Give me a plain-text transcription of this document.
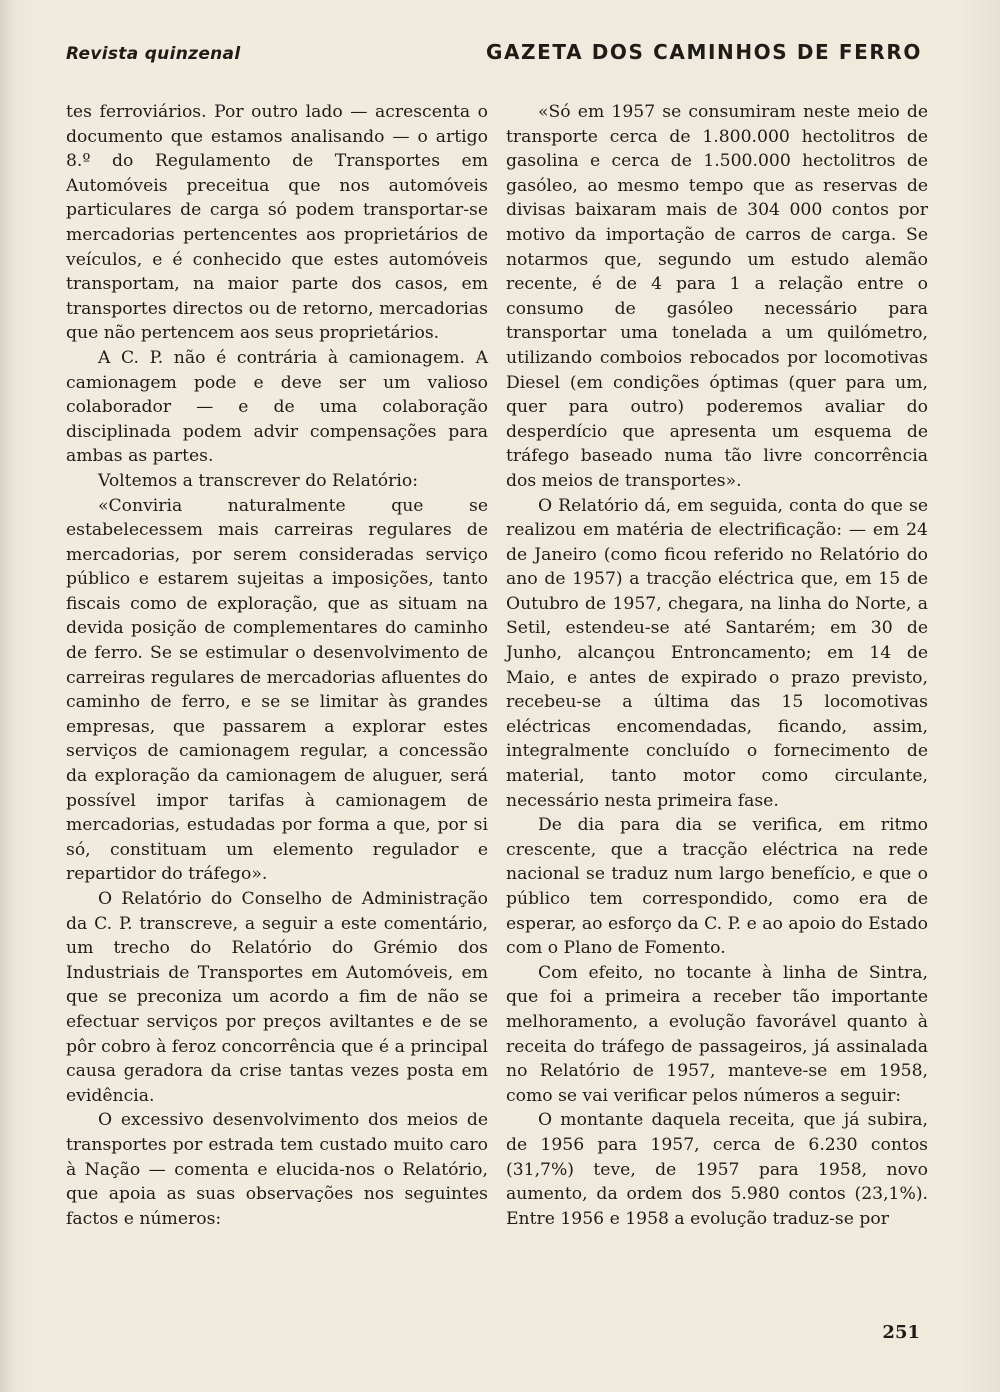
Revista quinzenal	GAZETA DOS CAMINHOS DE FERRO

tes ferroviários. Por outro lado — acrescenta o documento que estamos analisando — o artigo 8.º do Regulamento de Transportes em Automóveis preceitua que nos automóveis particulares de carga só podem transportar-se mercadorias pertencentes aos proprietários de veículos, e é conhecido que estes automóveis transportam, na maior parte dos casos, em transportes directos ou de retorno, mercadorias que não pertencem aos seus proprietários.

A C. P. não é contrária à camionagem. A camionagem pode e deve ser um valioso colaborador — e de uma colaboração disciplinada podem advir compensações para ambas as partes.

Voltemos a transcrever do Relatório:

«Conviria naturalmente que se estabelecessem mais carreiras regulares de mercadorias, por serem consideradas serviço público e estarem sujeitas a imposições, tanto fiscais como de exploração, que as situam na devida posição de complementares do caminho de ferro. Se se estimular o desenvolvimento de carreiras regulares de mercadorias afluentes do caminho de ferro, e se se limitar às grandes empresas, que passarem a explorar estes serviços de camionagem regular, a concessão da exploração da camionagem de aluguer, será possível impor tarifas à camionagem de mercadorias, estudadas por forma a que, por si só, constituam um elemento regulador e repartidor do tráfego».

O Relatório do Conselho de Administração da C. P. transcreve, a seguir a este comentário, um trecho do Relatório do Grémio dos Industriais de Transportes em Automóveis, em que se preconiza um acordo a fim de não se efectuar serviços por preços aviltantes e de se pôr cobro à feroz concorrência que é a principal causa geradora da crise tantas vezes posta em evidência.

O excessivo desenvolvimento dos meios de transportes por estrada tem custado muito caro à Nação — comenta e elucida-nos o Relatório, que apoia as suas observações nos seguintes factos e números:

«Só em 1957 se consumiram neste meio de transporte cerca de 1.800.000 hectolitros de gasolina e cerca de 1.500.000 hectolitros de gasóleo, ao mesmo tempo que as reservas de divisas baixaram mais de 304 000 contos por motivo da importação de carros de carga. Se notarmos que, segundo um estudo alemão recente, é de 4 para 1 a relação entre o consumo de gasóleo necessário para transportar uma tonelada a um quilómetro, utilizando comboios rebocados por locomotivas Diesel (em condições óptimas (quer para um, quer para outro) poderemos avaliar do desperdício que apresenta um esquema de tráfego baseado numa tão livre concorrência dos meios de transportes».

O Relatório dá, em seguida, conta do que se realizou em matéria de electrificação: — em 24 de Janeiro (como ficou referido no Relatório do ano de 1957) a tracção eléctrica que, em 15 de Outubro de 1957, chegara, na linha do Norte, a Setil, estendeu-se até Santarém; em 30 de Junho, alcançou Entroncamento; em 14 de Maio, e antes de expirado o prazo previsto, recebeu-se a última das 15 locomotivas eléctricas encomendadas, ficando, assim, integralmente concluído o fornecimento de material, tanto motor como circulante, necessário nesta primeira fase.

De dia para dia se verifica, em ritmo crescente, que a tracção eléctrica na rede nacional se traduz num largo benefício, e que o público tem correspondido, como era de esperar, ao esforço da C. P. e ao apoio do Estado com o Plano de Fomento.

Com efeito, no tocante à linha de Sintra, que foi a primeira a receber tão importante melhoramento, a evolução favorável quanto à receita do tráfego de passageiros, já assinalada no Relatório de 1957, manteve-se em 1958, como se vai verificar pelos números a seguir:

O montante daquela receita, que já subira, de 1956 para 1957, cerca de 6.230 contos (31,7%) teve, de 1957 para 1958, novo aumento, da ordem dos 5.980 contos (23,1%). Entre 1956 e 1958 a evolução traduz-se por

251
